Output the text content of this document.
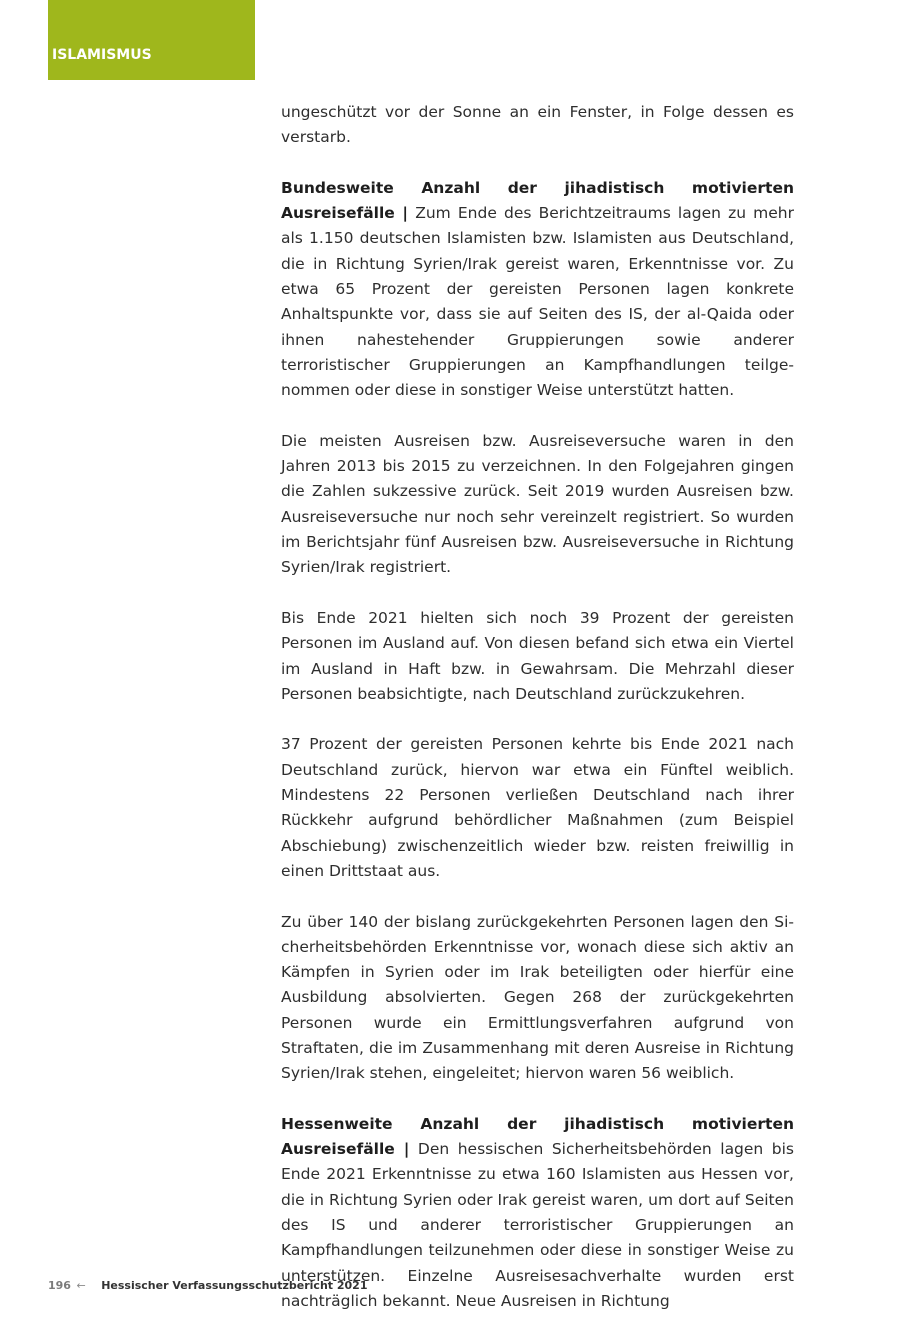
ISLAMISMUS

ungeschützt vor der Sonne an ein Fenster, in Folge dessen es verstarb.

Bundesweite Anzahl der jihadistisch motivierten Ausreisefälle | Zum Ende des Berichtzeitraums lagen zu mehr als 1.150 deutschen Islamisten bzw. Islamisten aus Deutschland, die in Richtung Syrien/Irak gereist waren, Erkenntnisse vor. Zu etwa 65 Prozent der gereisten Personen lagen konkrete Anhaltspunkte vor, dass sie auf Seiten des IS, der al-Qaida oder ihnen nahestehender Gruppierungen sowie anderer terroristischer Gruppierungen an Kampfhandlungen teilgenommen oder diese in sonstiger Weise unterstützt hatten.

Die meisten Ausreisen bzw. Ausreiseversuche waren in den Jahren 2013 bis 2015 zu verzeichnen. In den Folgejahren gingen die Zahlen sukzessive zurück. Seit 2019 wurden Ausreisen bzw. Ausreiseversuche nur noch sehr vereinzelt registriert. So wurden im Berichtsjahr fünf Ausreisen bzw. Ausreiseversuche in Richtung Syrien/Irak registriert.

Bis Ende 2021 hielten sich noch 39 Prozent der gereisten Personen im Ausland auf. Von diesen befand sich etwa ein Viertel im Ausland in Haft bzw. in Gewahrsam. Die Mehrzahl dieser Personen beabsichtigte, nach Deutschland zurückzukehren.

37 Prozent der gereisten Personen kehrte bis Ende 2021 nach Deutschland zurück, hiervon war etwa ein Fünftel weiblich. Mindestens 22 Personen verließen Deutschland nach ihrer Rückkehr aufgrund behördlicher Maßnahmen (zum Beispiel Abschiebung) zwischenzeitlich wieder bzw. reisten freiwillig in einen Drittstaat aus.

Zu über 140 der bislang zurückgekehrten Personen lagen den Sicherheitsbehörden Erkenntnisse vor, wonach diese sich aktiv an Kämpfen in Syrien oder im Irak beteiligten oder hierfür eine Ausbildung absolvierten. Gegen 268 der zurückgekehrten Personen wurde ein Ermittlungsverfahren aufgrund von Straftaten, die im Zusammenhang mit deren Ausreise in Richtung Syrien/Irak stehen, eingeleitet; hiervon waren 56 weiblich.

Hessenweite Anzahl der jihadistisch motivierten Ausreisefälle | Den hessischen Sicherheitsbehörden lagen bis Ende 2021 Erkenntnisse zu etwa 160 Islamisten aus Hessen vor, die in Richtung Syrien oder Irak gereist waren, um dort auf Seiten des IS und anderer terroristischer Gruppierungen an Kampfhandlungen teilzunehmen oder diese in sonstiger Weise zu unterstützen. Einzelne Ausreisesachverhalte wurden erst nachträglich bekannt. Neue Ausreisen in Richtung

196 ← Hessischer Verfassungsschutzbericht 2021
